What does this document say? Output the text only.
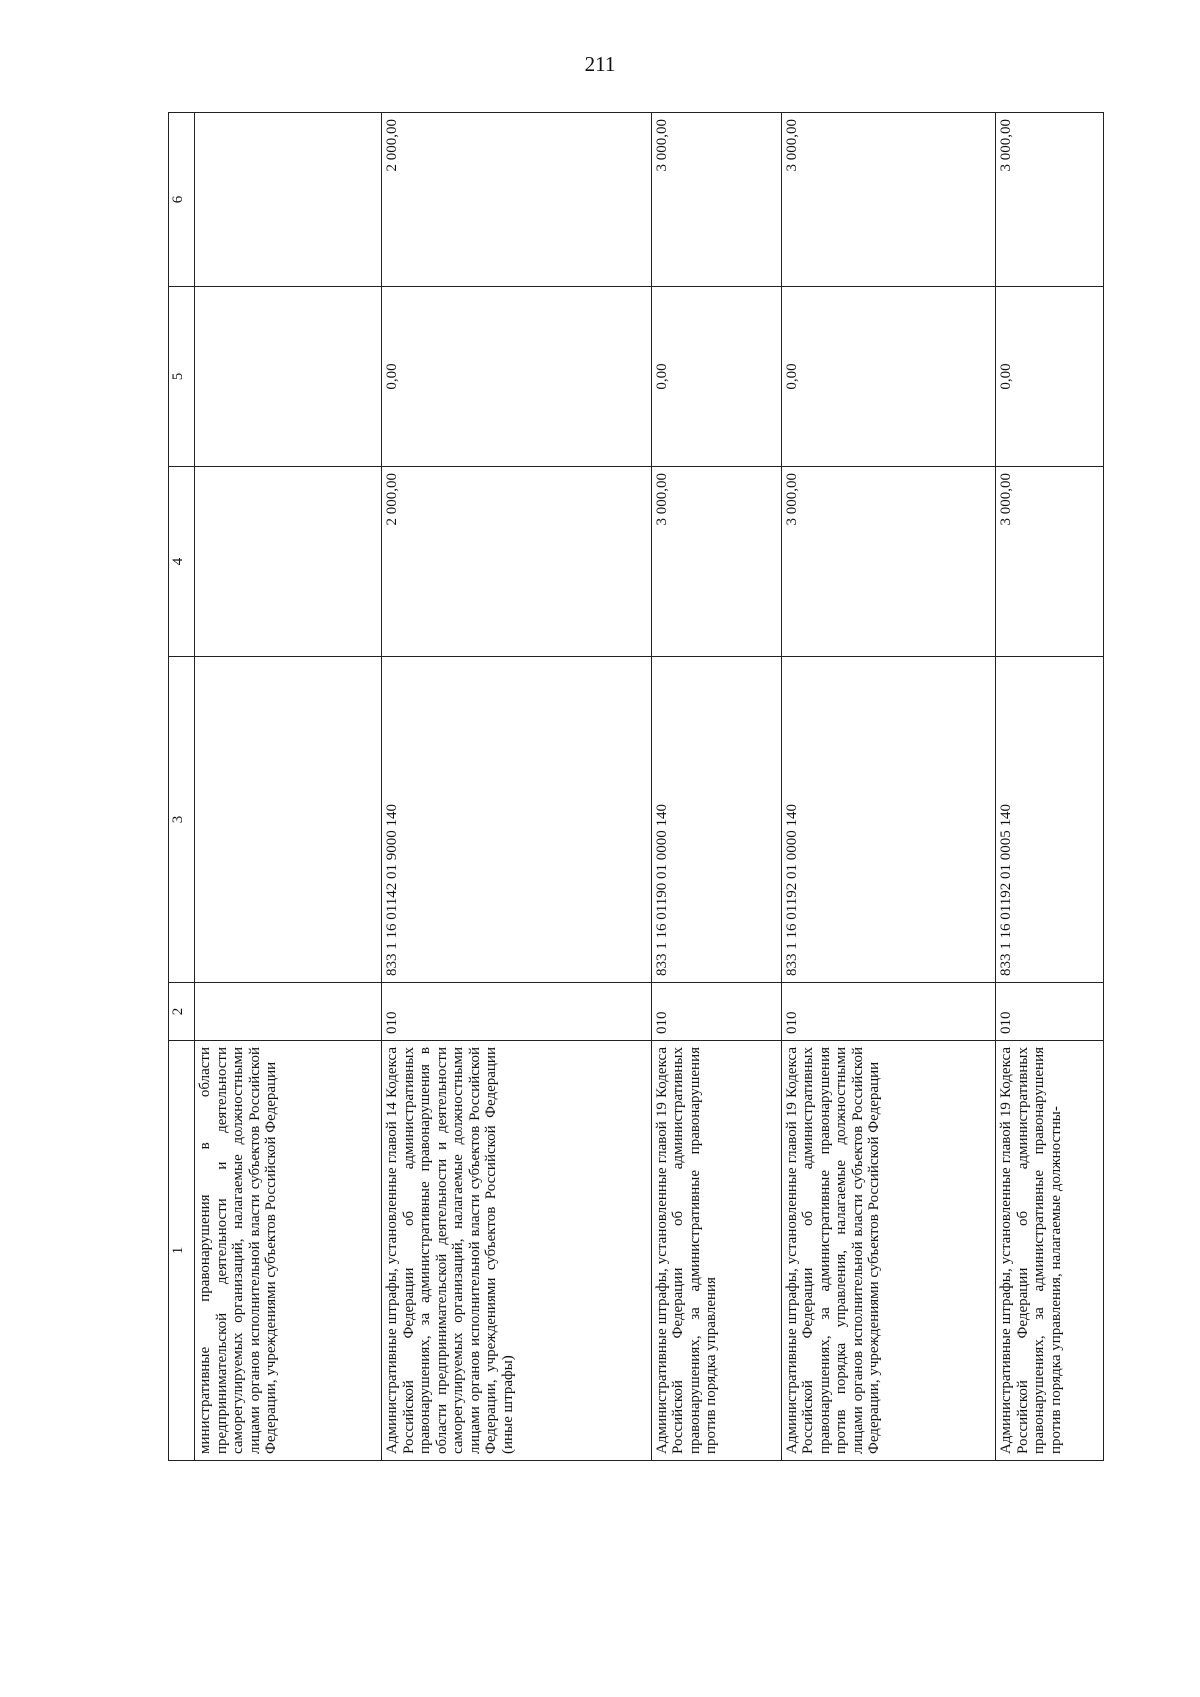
211
1	2	3	4	5	6
министративные правонарушения в области предпринимательской деятельности и деятельности саморегулируемых организаций, налагаемые должностными лицами органов исполнительной власти субъектов Российской Федерации, учреждениями субъектов Российской Федерации					
Административные штрафы, установленные главой 14 Кодекса Российской Федерации об административных правонарушениях, за административные правонарушения в области предпринимательской деятельности и деятельности саморегулируемых организаций, налагаемые должностными лицами органов исполнительной власти субъектов Российской Федерации, учреждениями субъектов Российской Федерации (иные штрафы)	010	833 1 16 01142 01 9000 140	2 000,00	0,00	2 000,00
Административные штрафы, установленные главой 19 Кодекса Российской Федерации об административных правонарушениях, за административные правонарушения против порядка управления	010	833 1 16 01190 01 0000 140	3 000,00	0,00	3 000,00
Административные штрафы, установленные главой 19 Кодекса Российской Федерации об административных правонарушениях, за административные правонарушения против порядка управления, налагаемые должностными лицами органов исполнительной власти субъектов Российской Федерации, учреждениями субъектов Российской Федерации	010	833 1 16 01192 01 0000 140	3 000,00	0,00	3 000,00
Административные штрафы, установленные главой 19 Кодекса Российской Федерации об административных правонарушениях, за административные правонарушения против порядка управления, налагаемые должностны-	010	833 1 16 01192 01 0005 140	3 000,00	0,00	3 000,00
